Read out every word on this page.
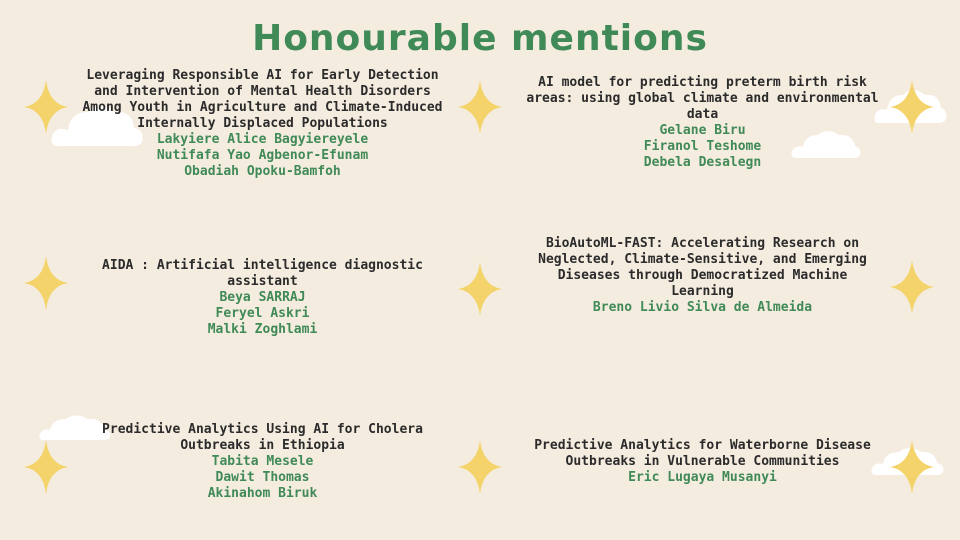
Honourable mentions
Leveraging Responsible AI for Early Detection and Intervention of Mental Health Disorders Among Youth in Agriculture and Climate-Induced Internally Displaced Populations
Lakyiere Alice Bagyiereyele
Nutifafa Yao Agbenor-Efunam
Obadiah Opoku-Bamfoh
AI model for predicting preterm birth risk areas: using global climate and environmental data
Gelane Biru
Firanol Teshome
Debela Desalegn
AIDA : Artificial intelligence diagnostic assistant
Beya SARRAJ
Feryel Askri
Malki Zoghlami
BioAutoML-FAST: Accelerating Research on Neglected, Climate-Sensitive, and Emerging Diseases through Democratized Machine Learning
Breno Livio Silva de Almeida
Predictive Analytics Using AI for Cholera Outbreaks in Ethiopia
Tabita Mesele
Dawit Thomas
Akinahom Biruk
Predictive Analytics for Waterborne Disease Outbreaks in Vulnerable Communities
Eric Lugaya Musanyi
